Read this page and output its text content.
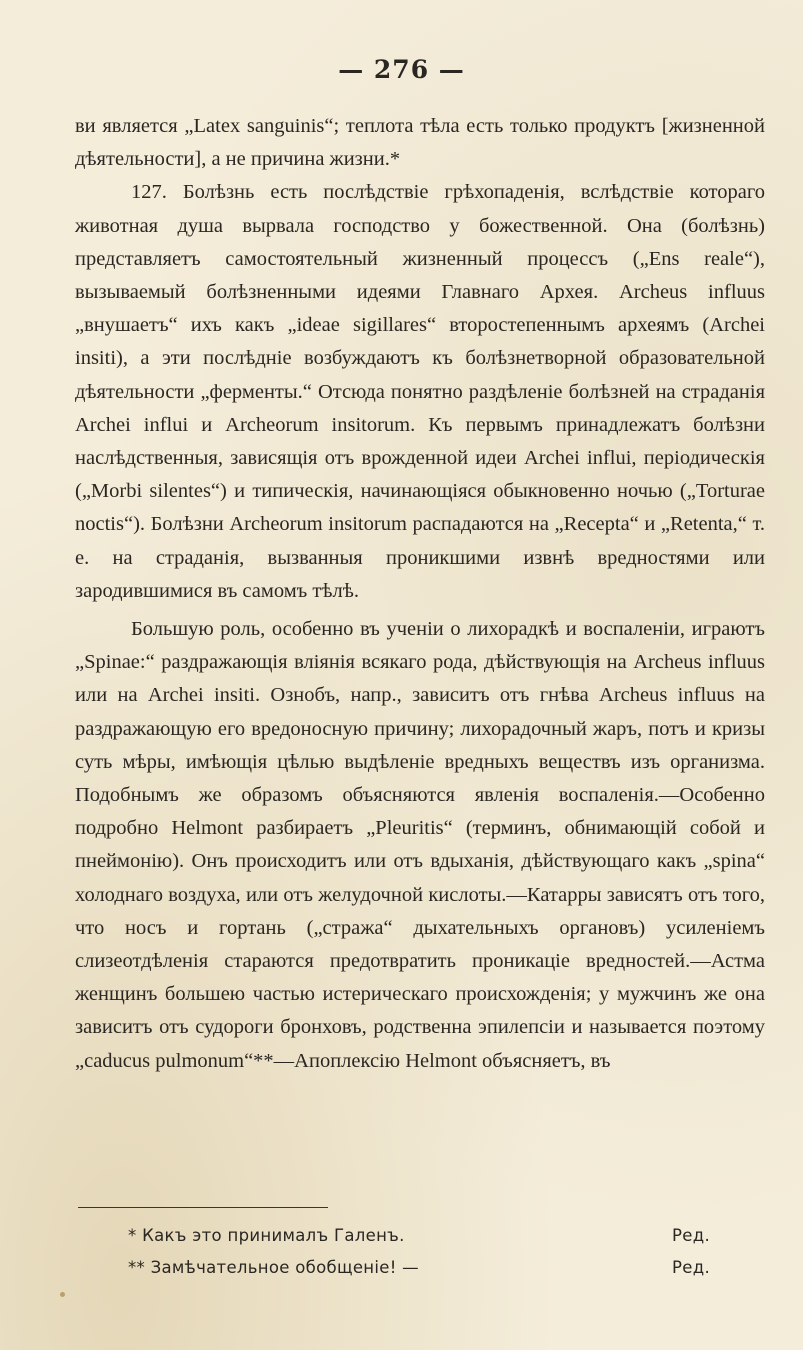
— 276 —

ви является „Latex sanguinis“; теплота тѣла есть только продуктъ [жизненной дѣятельности], а не причина жизни.*

127. Болѣзнь есть послѣдствіе грѣхопаденія, вслѣдствіе котораго животная душа вырвала господство у божественной. Она (болѣзнь) представляетъ самостоятельный жизненный процессъ („Ens reale“), вызываемый болѣзненными идеями Главнаго Архея. Archeus influus „внушаетъ“ ихъ какъ „ideae sigillares“ второстепеннымъ археямъ (Archei insiti), а эти послѣдніе возбуждаютъ къ болѣзнетворной образовательной дѣятельности „ферменты.“ Отсюда понятно раздѣленіе болѣзней на страданія Archei influi и Archeorum insitorum. Къ первымъ принадлежатъ болѣзни наслѣдственныя, зависящія отъ врожденной идеи Archei influi, періодическія („Morbi silentes“) и типическія, начинающіяся обыкновенно ночью („Torturae noctis“). Болѣзни Archeorum insitorum распадаются на „Recepta“ и „Retenta,“ т. е. на страданія, вызванныя проникшими извнѣ вредностями или зародившимися въ самомъ тѣлѣ.

Большую роль, особенно въ ученіи о лихорадкѣ и воспаленіи, играютъ „Spinae:“ раздражающія вліянія всякаго рода, дѣйствующія на Archeus influus или на Archei insiti. Ознобъ, напр., зависитъ отъ гнѣва Archeus influus на раздражающую его вредоносную причину; лихорадочный жаръ, потъ и кризы суть мѣры, имѣющія цѣлью выдѣленіе вредныхъ веществъ изъ организма. Подобнымъ же образомъ объясняются явленія воспаленія.—Особенно подробно Helmont разбираетъ „Pleuritis“ (терминъ, обнимающій собой и пнеймонію). Онъ происходитъ или отъ вдыханія, дѣйствующаго какъ „spina“ холоднаго воздуха, или отъ желудочной кислоты.—Катарры зависятъ отъ того, что носъ и гортань („стража“ дыхательныхъ органовъ) усиленіемъ слизеотдѣленія стараются предотвратить проникаціе вредностей.—Астма женщинъ большею частью истерическаго происхожденія; у мужчинъ же она зависитъ отъ судороги бронховъ, родственна эпилепсіи и называется поэтому „caducus pulmonum“**—Апоплексію Helmont объясняетъ, въ

* Какъ это принималъ Галенъ.	Ред.
** Замѣчательное обобщеніе! —	Ред.
